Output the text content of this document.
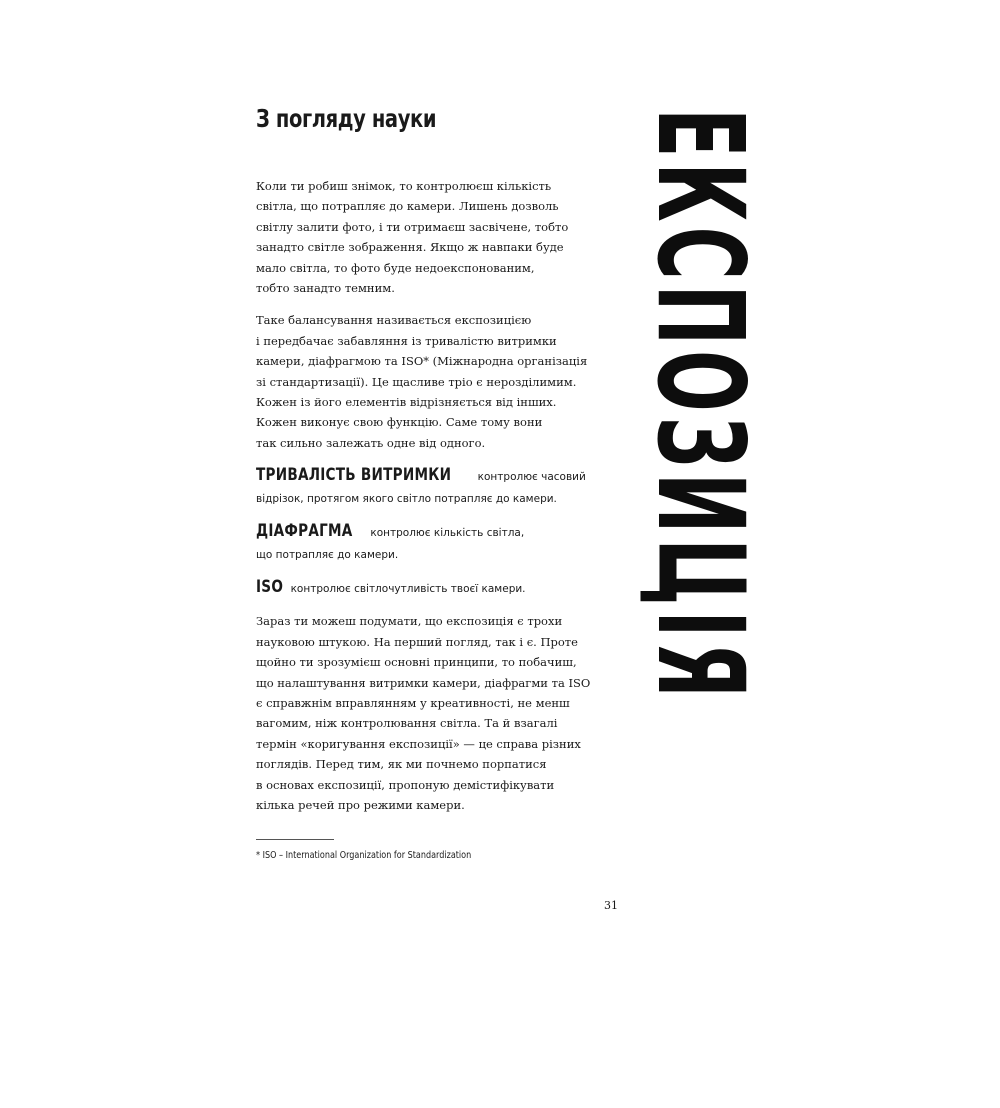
З погляду науки

Коли ти робиш знімок, то контролюєш кількість
світла, що потрапляє до камери. Лишень дозволь
світлу залити фото, і ти отримаєш засвічене, тобто
занадто світле зображення. Якщо ж навпаки буде
мало світла, то фото буде недоекспонованим,
тобто занадто темним.

Таке балансування називається експозицією
і передбачає забавляння із тривалістю витримки
камери, діафрагмою та ISO* (Міжнародна організація
зі стандартизації). Це щасливе тріо є нерозділимим.
Кожен із його елементів відрізняється від інших.
Кожен виконує свою функцію. Саме тому вони
так сильно залежать одне від одного.

ТРИВАЛІСТЬ ВИТРИМКИ	контролює часовий
відрізок, протягом якого світло потрапляє до камери.
ДІАФРАГМА контролює кількість світла,
що потрапляє до камери.
ISO контролює світлочутливість твоєї камери.

Зараз ти можеш подумати, що експозиція є трохи
науковою штукою. На перший погляд, так і є. Проте
щойно ти зрозумієш основні принципи, то побачиш,
що налаштування витримки камери, діафрагми та ISO
є справжнім вправлянням у креативності, не менш
вагомим, ніж контролювання світла. Та й взагалі
термін «коригування експозиції» — це справа різних
поглядів. Перед тим, як ми почнемо порпатися
в основах експозиції, пропоную демістифікувати
кілька речей про режими камери.

* ISO – International Organization for Standardization
31
ЕКСПОЗИЦІЯ
